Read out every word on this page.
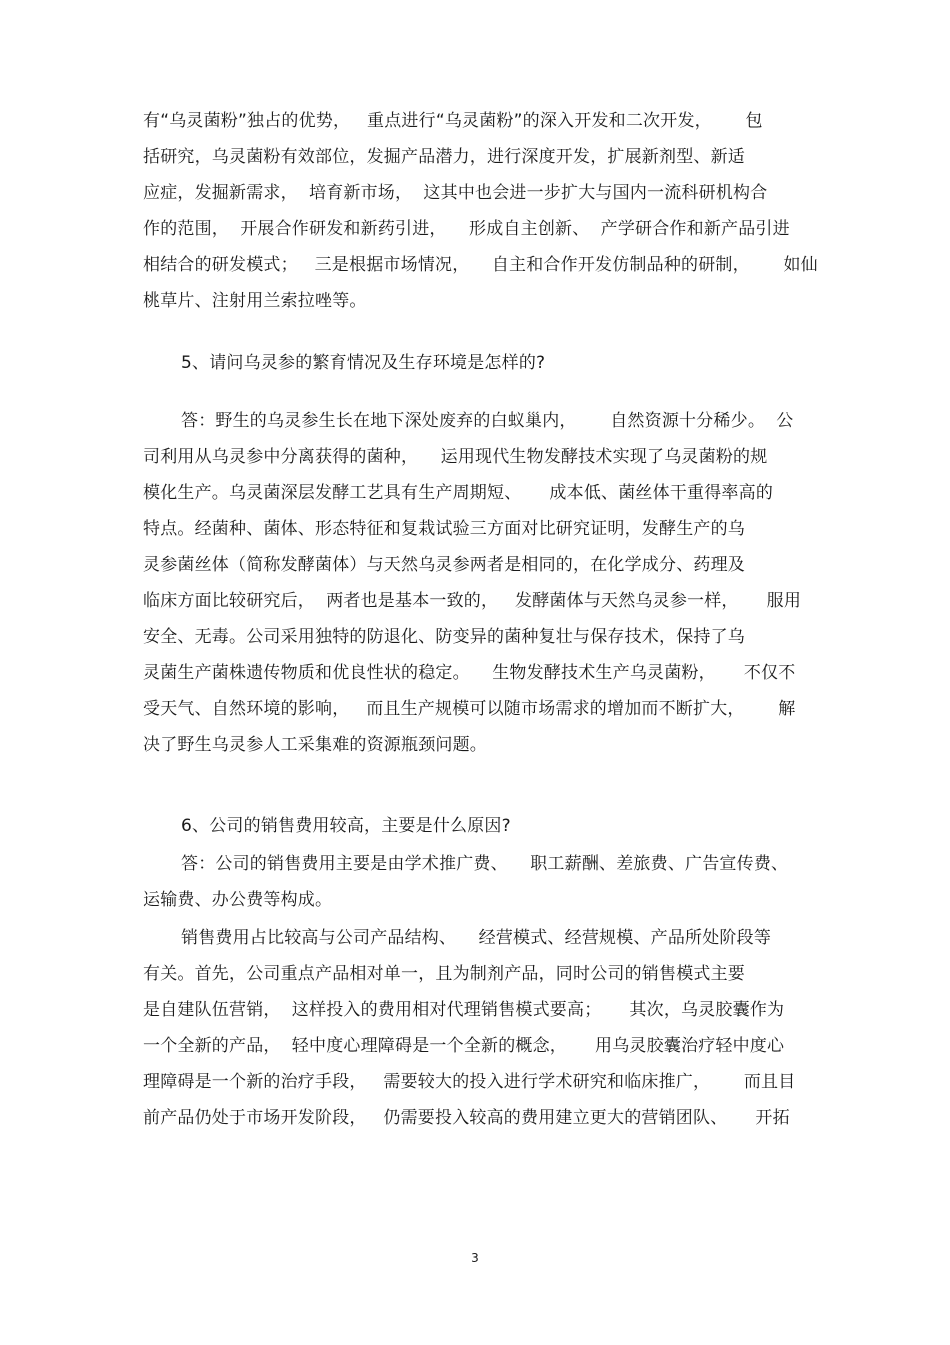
有“乌灵菌粉”独占的优势，   重点进行“乌灵菌粉”的深入开发和二次开发，      包
括研究，乌灵菌粉有效部位，发掘产品潜力，进行深度开发，扩展新剂型、新适
应症，发掘新需求，  培育新市场，  这其中也会进一步扩大与国内一流科研机构合
作的范围，  开展合作研发和新药引进，    形成自主创新、  产学研合作和新产品引进
相结合的研发模式；   三是根据市场情况，    自主和合作开发仿制品种的研制，      如仙
桃草片、注射用兰索拉唑等。
5、请问乌灵参的繁育情况及生存环境是怎样的?
答：野生的乌灵参生长在地下深处废弃的白蚁巢内，      自然资源十分稀少。  公
司利用从乌灵参中分离获得的菌种，    运用现代生物发酵技术实现了乌灵菌粉的规
模化生产。乌灵菌深层发酵工艺具有生产周期短、     成本低、菌丝体干重得率高的
特点。经菌种、菌体、形态特征和复栽试验三方面对比研究证明，发酵生产的乌
灵参菌丝体（简称发酵菌体）与天然乌灵参两者是相同的，在化学成分、药理及
临床方面比较研究后，  两者也是基本一致的，   发酵菌体与天然乌灵参一样，     服用
安全、无毒。公司采用独特的防退化、防变异的菌种复壮与保存技术，保持了乌
灵菌生产菌株遗传物质和优良性状的稳定。    生物发酵技术生产乌灵菌粉，     不仅不
受天气、自然环境的影响，   而且生产规模可以随市场需求的增加而不断扩大，      解
决了野生乌灵参人工采集难的资源瓶颈问题。
6、公司的销售费用较高，主要是什么原因?
答：公司的销售费用主要是由学术推广费、    职工薪酬、差旅费、广告宣传费、
运输费、办公费等构成。
销售费用占比较高与公司产品结构、    经营模式、经营规模、产品所处阶段等
有关。首先，公司重点产品相对单一，且为制剂产品，同时公司的销售模式主要
是自建队伍营销，  这样投入的费用相对代理销售模式要高；     其次，乌灵胶囊作为
一个全新的产品，  轻中度心理障碍是一个全新的概念，     用乌灵胶囊治疗轻中度心
理障碍是一个新的治疗手段，   需要较大的投入进行学术研究和临床推广，      而且目
前产品仍处于市场开发阶段，   仍需要投入较高的费用建立更大的营销团队、     开拓
3
